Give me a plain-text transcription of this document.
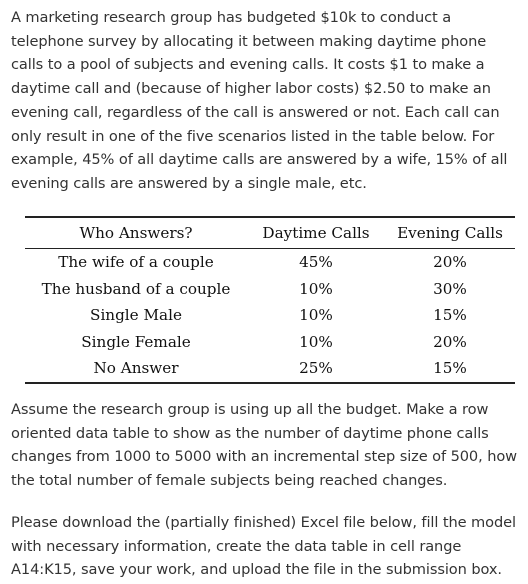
A marketing research group has budgeted $10k to conduct a telephone survey by allocating it between making daytime phone calls to a pool of subjects and evening calls. It costs $1 to make a daytime call and (because of higher labor costs) $2.50 to make an evening call, regardless of the call is answered or not. Each call can only result in one of the five scenarios listed in the table below. For example, 45% of all daytime calls are answered by a wife, 15% of all evening calls are answered by a single male, etc.
Who Answers?	Daytime Calls	Evening Calls
The wife of a couple	45%	20%
The husband of a couple	10%	30%
Single Male	10%	15%
Single Female	10%	20%
No Answer	25%	15%
Assume the research group is using up all the budget. Make a row oriented data table to show as the number of daytime phone calls changes from 1000 to 5000 with an incremental step size of 500, how the total number of female subjects being reached changes.
Please download the (partially finished) Excel file below, fill the model with necessary information, create the data table in cell range A14:K15, save your work, and upload the file in the submission box.
